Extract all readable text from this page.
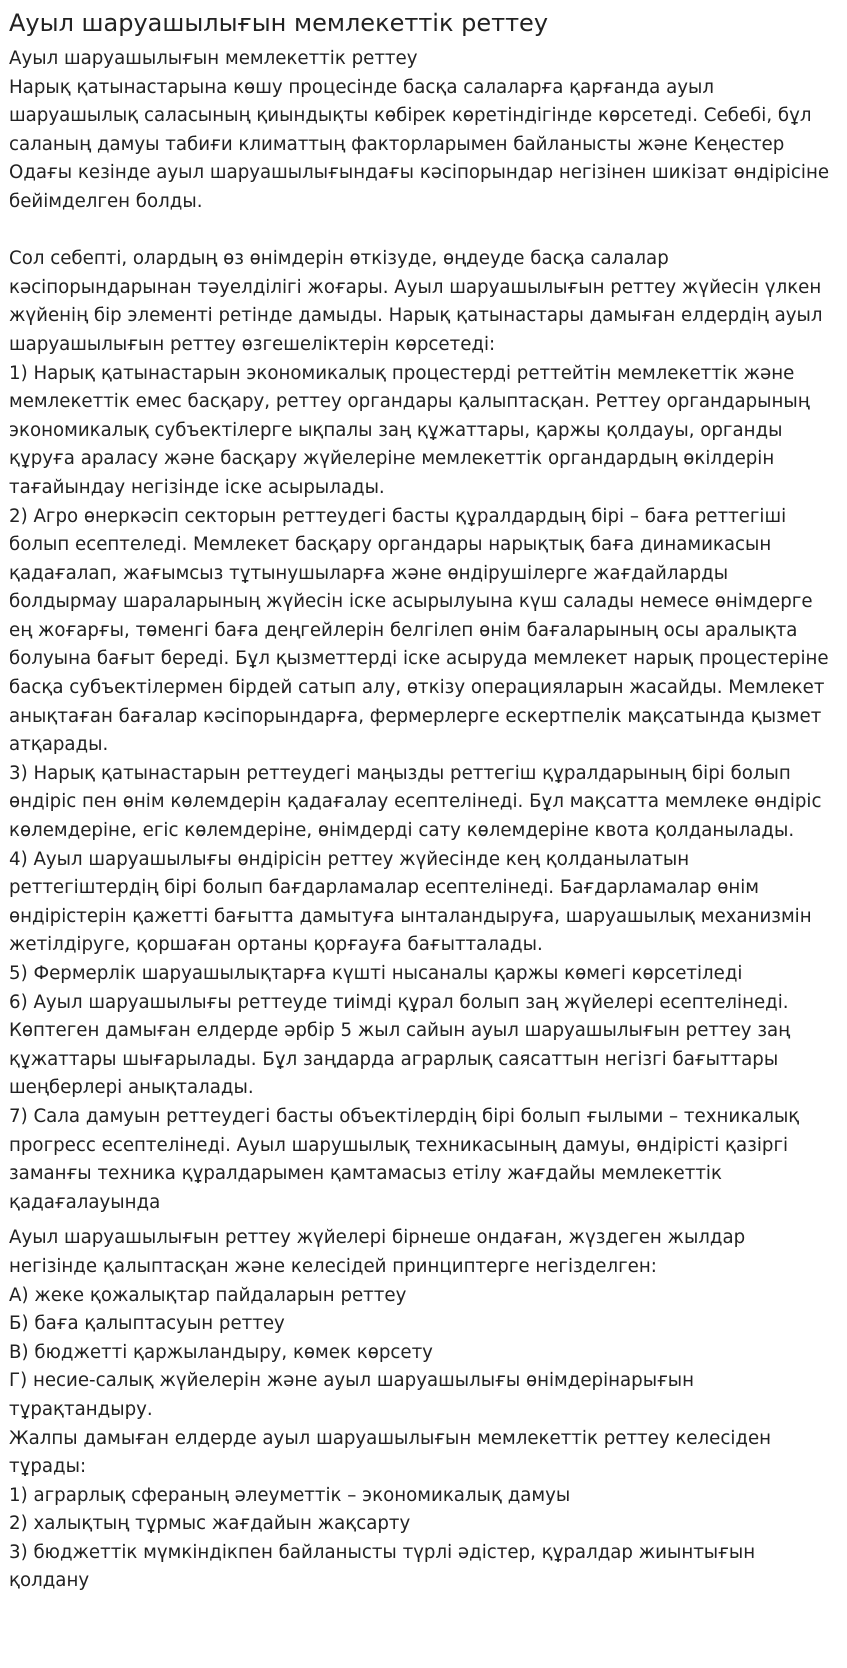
Ауыл шаруашылығын мемлекеттік реттеу

Ауыл шаруашылығын мемлекеттік реттеу
Нарық қатынастарына көшу процесінде басқа салаларға қарғанда ауыл шаруашылық саласының қиындықты көбірек көретіндігінде көрсетеді. Себебі, бұл саланың дамуы табиғи климаттың факторларымен байланысты және Кеңестер Одағы кезінде ауыл шаруашылығындағы кәсіпорындар негізінен шикізат өндірісіне бейімделген болды.

Сол себепті, олардың өз өнімдерін өткізуде, өңдеуде басқа салалар кәсіпорындарынан тәуелділігі жоғары. Ауыл шаруашылығын реттеу жүйесін үлкен жүйенің бір элементі ретінде дамыды. Нарық қатынастары дамыған елдердің ауыл шаруашылығын реттеу өзгешеліктерін көрсетеді:
1) Нарық қатынастарын экономикалық процестерді реттейтін мемлекеттік және мемлекеттік емес басқару, реттеу органдары қалыптасқан. Реттеу органдарының экономикалық субъектілерге ықпалы заң құжаттары, қаржы қолдауы, органды құруға араласу және басқару жүйелеріне мемлекеттік органдардың өкілдерін тағайындау негізінде іске асырылады.
2) Агро өнеркәсіп секторын реттеудегі басты құралдардың бірі – баға реттегіші болып есептеледі. Мемлекет басқару органдары нарықтық баға динамикасын қадағалап, жағымсыз тұтынушыларға және өндірушілерге жағдайларды болдырмау шараларының жүйесін іске асырылуына күш салады немесе өнімдерге ең жоғарғы, төменгі баға деңгейлерін белгілеп өнім бағаларының осы аралықта болуына бағыт береді. Бұл қызметтерді іске асыруда мемлекет нарық процестеріне басқа субъектілермен бірдей сатып алу, өткізу операцияларын жасайды. Мемлекет анықтаған бағалар кәсіпорындарға, фермерлерге ескертпелік мақсатында қызмет атқарады.
3) Нарық қатынастарын реттеудегі маңызды реттегіш құралдарының бірі болып өндіріс пен өнім көлемдерін қадағалау есептелінеді. Бұл мақсатта мемлеке өндіріс көлемдеріне, егіс көлемдеріне, өнімдерді сату көлемдеріне квота қолданылады.
4) Ауыл шаруашылығы өндірісін реттеу жүйесінде кең қолданылатын реттегіштердің бірі болып бағдарламалар есептелінеді. Бағдарламалар өнім өндірістерін қажетті бағытта дамытуға ынталандыруға, шаруашылық механизмін жетілдіруге, қоршаған ортаны қорғауға бағытталады.
5) Фермерлік шаруашылықтарға күшті нысаналы қаржы көмегі көрсетіледі
6) Ауыл шаруашылығы реттеуде тиімді құрал болып заң жүйелері есептелінеді. Көптеген дамыған елдерде әрбір 5 жыл сайын ауыл шаруашылығын реттеу заң құжаттары шығарылады. Бұл заңдарда аграрлық саясаттын негізгі бағыттары шеңберлері анықталады.
7) Сала дамуын реттеудегі басты объектілердің бірі болып ғылыми – техникалық прогресс есептелінеді. Ауыл шарушылық техникасының дамуы, өндірісті қазіргі заманғы техника құралдарымен қамтамасыз етілу жағдайы мемлекеттік қадағалауында

Ауыл шаруашылығын реттеу жүйелері бірнеше ондаған, жүздеген жылдар негізінде қалыптасқан және келесідей принциптерге негізделген:
А) жеке қожалықтар пайдаларын реттеу
Б) баға қалыптасуын реттеу
В) бюджетті қаржыландыру, көмек көрсету
Г) несие-салық жүйелерін және ауыл шаруашылығы өнімдерінарығын тұрақтандыру.
Жалпы дамыған елдерде ауыл шаруашылығын мемлекеттік реттеу келесіден тұрады:
1) аграрлық сфераның әлеуметтік – экономикалық дамуы
2) халықтың тұрмыс жағдайын жақсарту
3) бюджеттік мүмкіндікпен байланысты түрлі әдістер, құралдар жиынтығын қолдану
